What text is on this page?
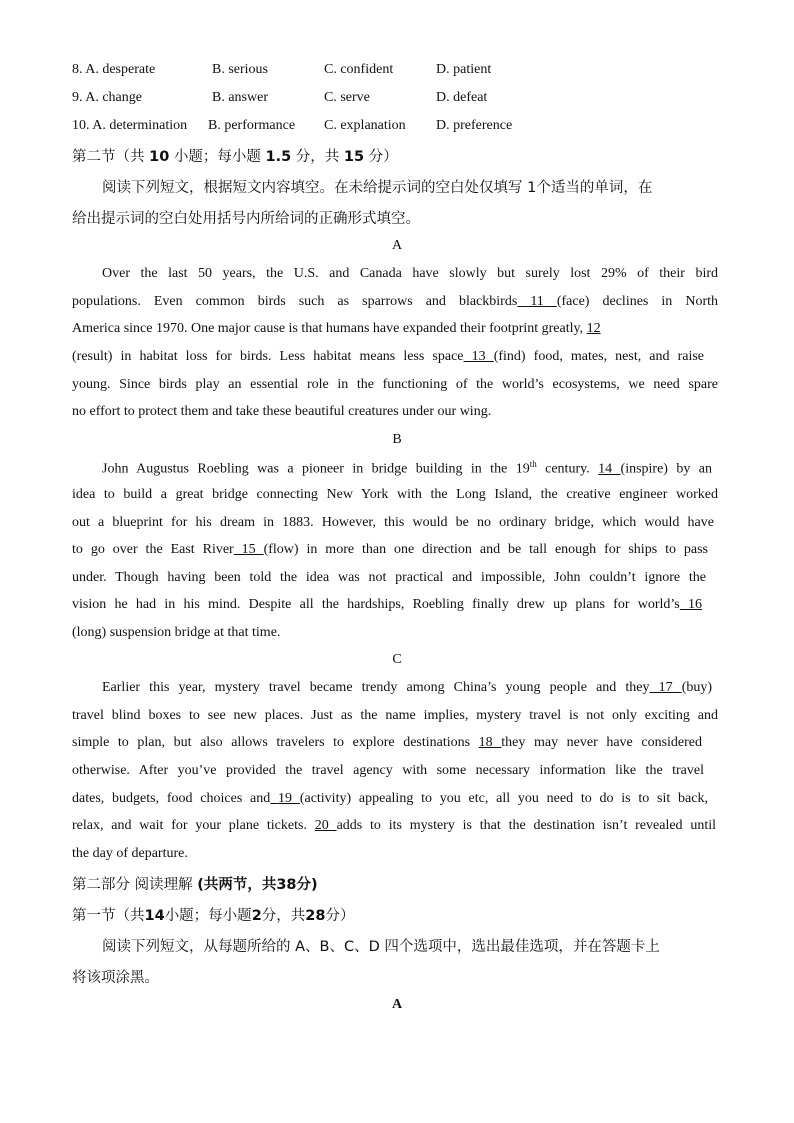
8. A. desperate	B. serious	C. confident	D. patient
9. A. change	B. answer	C. serve	D. defeat
10. A. determination B. performance C. explanation D. preference
第二节（共 10 小题；每小题 1.5 分，共 15 分）
阅读下列短文，根据短文内容填空。在未给提示词的空白处仅填写 1个适当的单词，在
给出提示词的空白处用括号内所给词的正确形式填空。
A
Over the last 50 years, the U.S. and Canada have slowly but surely lost 29% of their bird
populations. Even common birds such as sparrows and blackbirds 11 (face) declines in North
America since 1970. One major cause is that humans have expanded their footprint greatly, 12
(result) in habitat loss for birds. Less habitat means less space 13 (find) food, mates, nest, and raise
young. Since birds play an essential role in the functioning of the world’s ecosystems, we need spare
no effort to protect them and take these beautiful creatures under our wing.
B
John Augustus Roebling was a pioneer in bridge building in the 19th century. 14 (inspire) by an
idea to build a great bridge connecting New York with the Long Island, the creative engineer worked
out a blueprint for his dream in 1883. However, this would be no ordinary bridge, which would have
to go over the East River 15 (flow) in more than one direction and be tall enough for ships to pass
under. Though having been told the idea was not practical and impossible, John couldn’t ignore the
vision he had in his mind. Despite all the hardships, Roebling finally drew up plans for world’s 16
(long) suspension bridge at that time.
C
Earlier this year, mystery travel became trendy among China’s young people and they 17 (buy)
travel blind boxes to see new places. Just as the name implies, mystery travel is not only exciting and
simple to plan, but also allows travelers to explore destinations 18 they may never have considered
otherwise. After you’ve provided the travel agency with some necessary information like the travel
dates, budgets, food choices and 19 (activity) appealing to you etc, all you need to do is to sit back,
relax, and wait for your plane tickets. 20 adds to its mystery is that the destination isn’t revealed until
the day of departure.
第二部分 阅读理解 (共两节，共38分)
第一节（共14小题；每小题2分，共28分）
阅读下列短文，从每题所给的 A、B、C、D 四个选项中，选出最佳选项，并在答题卡上
将该项涂黑。
A
